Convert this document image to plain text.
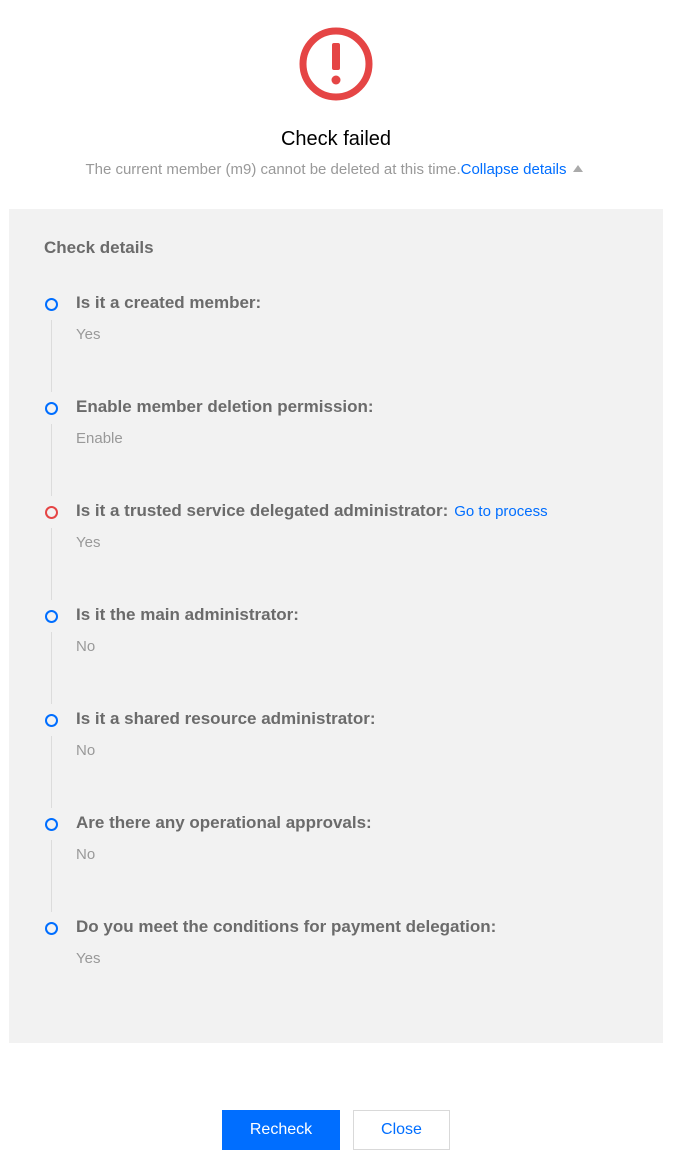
Check failed
The current member (m9) cannot be deleted at this time.Collapse details
Check details
Is it a created member:
Yes
Enable member deletion permission:
Enable
Is it a trusted service delegated administrator: Go to process
Yes
Is it the main administrator:
No
Is it a shared resource administrator:
No
Are there any operational approvals:
No
Do you meet the conditions for payment delegation:
Yes
Recheck	Close
